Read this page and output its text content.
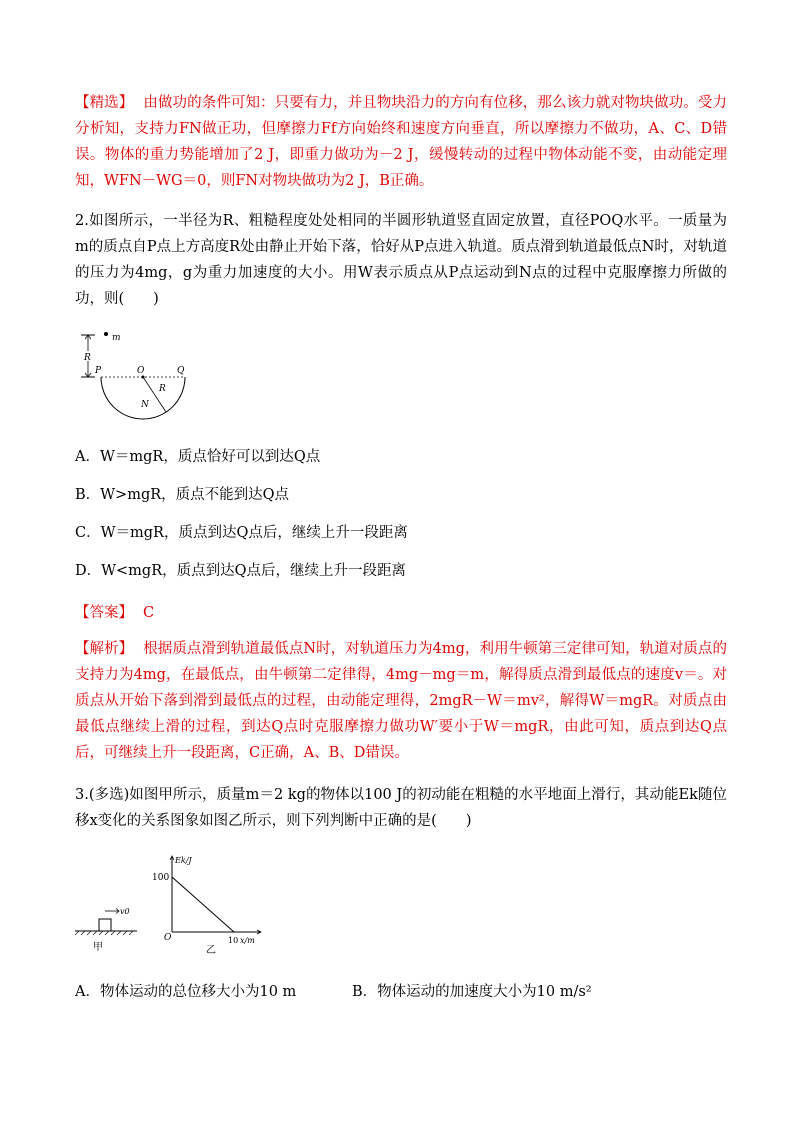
【精选】 由做功的条件可知：只要有力，并且物块沿力的方向有位移，那么该力就对物块做功。受力分析知，支持力FN做正功，但摩擦力Ff方向始终和速度方向垂直，所以摩擦力不做功，A、C、D错误。物体的重力势能增加了2 J，即重力做功为－2 J，缓慢转动的过程中物体动能不变，由动能定理知，WFN－WG＝0，则FN对物块做功为2 J，B正确。
2.如图所示，一半径为R、粗糙程度处处相同的半圆形轨道竖直固定放置，直径POQ水平。一质量为m的质点自P点上方高度R处由静止开始下落，恰好从P点进入轨道。质点滑到轨道最低点N时，对轨道的压力为4mg，g为重力加速度的大小。用W表示质点从P点运动到N点的过程中克服摩擦力所做的功，则(　　)
m
R
P	O	Q
R
N
A．W＝mgR，质点恰好可以到达Q点
B．W>mgR，质点不能到达Q点
C．W＝mgR，质点到达Q点后，继续上升一段距离
D．W<mgR，质点到达Q点后，继续上升一段距离
【答案】 C
【解析】 根据质点滑到轨道最低点N时，对轨道压力为4mg，利用牛顿第三定律可知，轨道对质点的支持力为4mg，在最低点，由牛顿第二定律得，4mg－mg＝m，解得质点滑到最低点的速度v＝。对质点从开始下落到滑到最低点的过程，由动能定理得，2mgR－W＝mv²，解得W＝mgR。对质点由最低点继续上滑的过程，到达Q点时克服摩擦力做功W′要小于W＝mgR，由此可知，质点到达Q点后，可继续上升一段距离，C正确，A、B、D错误。
3.(多选)如图甲所示，质量m＝2 kg的物体以100 J的初动能在粗糙的水平地面上滑行，其动能Ek随位移x变化的关系图象如图乙所示，则下列判断中正确的是(　　)
v0
甲
Ek/J
100
O	10 x/m
乙
A．物体运动的总位移大小为10 m	B．物体运动的加速度大小为10 m/s²
